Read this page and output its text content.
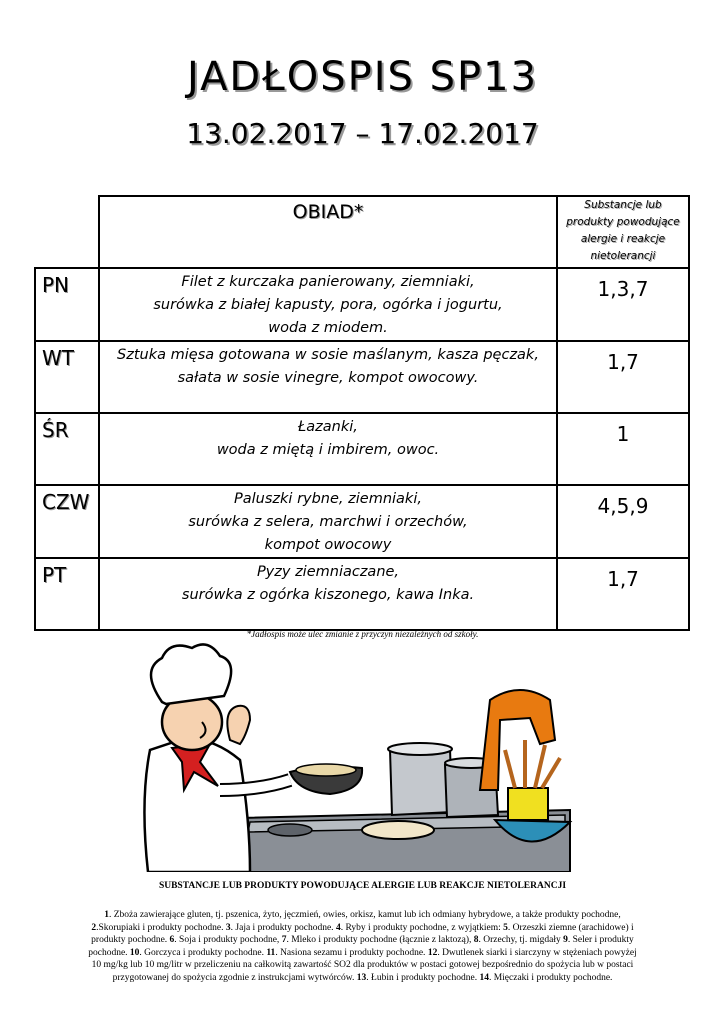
JADŁOSPIS SP13
13.02.2017 – 17.02.2017
	OBIAD*	Substancje lub
produkty powodujące
alergie i reakcje
nietolerancji

PN	Filet z kurczaka panierowany, ziemniaki,
surówka z białej kapusty, pora, ogórka i jogurtu,
woda z miodem.	1,3,7
WT	Sztuka mięsa gotowana w sosie maślanym, kasza pęczak,
sałata w sosie vinegre, kompot owocowy.	1,7
ŚR	Łazanki,
woda z miętą i imbirem, owoc.	1
CZW	Paluszki rybne, ziemniaki,
surówka z selera, marchwi i orzechów,
kompot owocowy	4,5,9
PT	Pyzy ziemniaczane,
surówka z ogórka kiszonego, kawa Inka.	1,7
*Jadłospis może ulec zmianie z przyczyn niezależnych od szkoły.
SUBSTANCJE LUB PRODUKTY POWODUJĄCE ALERGIE LUB REAKCJE NIETOLERANCJI
1. Zboża zawierające gluten, tj. pszenica, żyto, jęczmień, owies, orkisz, kamut lub ich odmiany hybrydowe, a także produkty pochodne, 2.Skorupiaki i produkty pochodne. 3. Jaja i produkty pochodne. 4. Ryby i produkty pochodne, z wyjątkiem: 5. Orzeszki ziemne (arachidowe) i produkty pochodne. 6. Soja i produkty pochodne, 7. Mleko i produkty pochodne (łącznie z laktozą), 8. Orzechy, tj. migdały 9. Seler i produkty pochodne. 10. Gorczyca i produkty pochodne. 11. Nasiona sezamu i produkty pochodne. 12. Dwutlenek siarki i siarczyny w stężeniach powyżej 10 mg/kg lub 10 mg/litr w przeliczeniu na całkowitą zawartość SO2 dla produktów w postaci gotowej bezpośrednio do spożycia lub w postaci przygotowanej do spożycia zgodnie z instrukcjami wytwórców. 13. Łubin i produkty pochodne. 14. Mięczaki i produkty pochodne.
